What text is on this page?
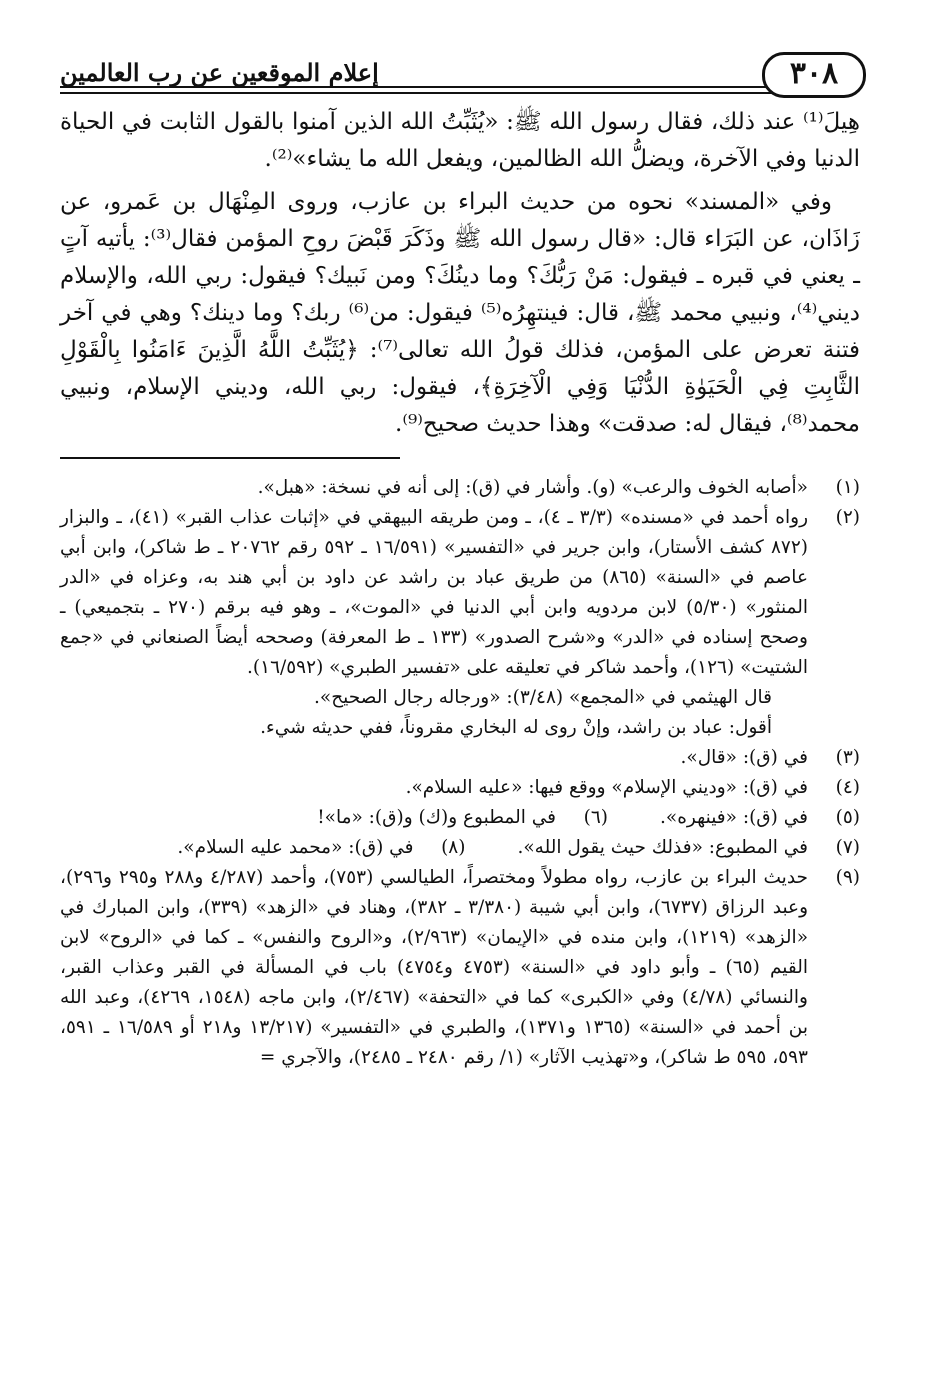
٣٠٨
إعلام الموقعين عن رب العالمين

هِيلَ⁽¹⁾ عند ذلك، فقال رسول الله ﷺ: «يُثَبِّتُ الله الذين آمنوا بالقول الثابت في الحياة الدنيا وفي الآخرة، ويضلُّ الله الظالمين، ويفعل الله ما يشاء»⁽²⁾.

وفي «المسند» نحوه من حديث البراء بن عازب، وروى المِنْهَال بن عَمرو، عن زَاذَان، عن البَرَاء قال: «قال رسول الله ﷺ وذَكَرَ قَبْضَ روحِ المؤمن فقال⁽³⁾: يأتيه آتٍ ـ يعني في قبره ـ فيقول: مَنْ رَبُّكَ؟ وما دينُكَ؟ ومن نَبيك؟ فيقول: ربي الله، والإسلام ديني⁽⁴⁾، ونبيي محمد ﷺ، قال: فينتهِرُه⁽⁵⁾ فيقول: من⁽⁶⁾ ربك؟ وما دينك؟ وهي في آخر فتنة تعرض على المؤمن، فذلك قولُ الله تعالى⁽⁷⁾: ﴿يُثَبِّتُ اللَّهُ الَّذِينَ ءَامَنُوا بِالْقَوْلِ الثَّابِتِ فِي الْحَيَوٰةِ الدُّنْيَا وَفِي الْآخِرَةِ﴾، فيقول: ربي الله، وديني الإسلام، ونبيي محمد⁽⁸⁾، فيقال له: صدقت» وهذا حديث صحيح⁽⁹⁾.

(١)
«أصابه الخوف والرعب» (و). وأشار في (ق): إلى أنه في نسخة: «هبل».
(٢)

رواه أحمد في «مسنده» (٣/٣ ـ ٤)، ـ ومن طريقه البيهقي في «إثبات عذاب القبر» (٤١)، ـ والبزار (٨٧٢ كشف الأستار)، وابن جرير في «التفسير» (١٦/٥٩١ ـ ٥٩٢ رقم ٢٠٧٦٢ ـ ط شاكر)، وابن أبي عاصم في «السنة» (٨٦٥) من طريق عباد بن راشد عن داود بن أبي هند به، وعزاه في «الدر المنثور» (٥/٣٠) لابن مردويه وابن أبي الدنيا في «الموت»، ـ وهو فيه برقم (٢٧٠ ـ بتجميعي) ـ وصحح إسناده في «الدر» و«شرح الصدور» (١٣٣ ـ ط المعرفة) وصححه أيضاً الصنعاني في «جمع الشتيت» (١٢٦)، وأحمد شاكر في تعليقه على «تفسير الطبري» (١٦/٥٩٢).

قال الهيثمي في «المجمع» (٣/٤٨): «ورجاله رجال الصحيح».

أقول: عباد بن راشد، وإنْ روى له البخاري مقروناً، ففي حديثه شيء.

(٣)
في (ق): «قال».
(٤)
في (ق): «وديني الإسلام» ووقع فيها: «عليه السلام».
(٥)
في (ق): «فينهره».
(٦)
في المطبوع و(ك) و(ق): «ما»!
(٧)
في المطبوع: «فذلك حيث يقول الله».
(٨)
في (ق): «محمد عليه السلام».
(٩)
حديث البراء بن عازب، رواه مطولاً ومختصراً، الطيالسي (٧٥٣)، وأحمد (٤/٢٨٧ و٢٨٨ و٢٩٥ و٢٩٦)، وعبد الرزاق (٦٧٣٧)، وابن أبي شيبة (٣/٣٨٠ ـ ٣٨٢)، وهناد في «الزهد» (٣٣٩)، وابن المبارك في «الزهد» (١٢١٩)، وابن منده في «الإيمان» (٢/٩٦٣)، و«الروح والنفس» ـ كما في «الروح» لابن القيم (٦٥) ـ وأبو داود في «السنة» (٤٧٥٣ و٤٧٥٤) باب في المسألة في القبر وعذاب القبر، والنسائي (٤/٧٨) وفي «الكبرى» كما في «التحفة» (٢/٤٦٧)، وابن ماجه (١٥٤٨، ٤٢٦٩)، وعبد الله بن أحمد في «السنة» (١٣٦٥ و١٣٧١)، والطبري في «التفسير» (١٣/٢١٧ و٢١٨ أو ١٦/٥٨٩ ـ ٥٩١، ٥٩٣، ٥٩٥ ط شاكر)، و«تهذيب الآثار» (١/ رقم ٢٤٨٠ ـ ٢٤٨٥)، والآجري =
